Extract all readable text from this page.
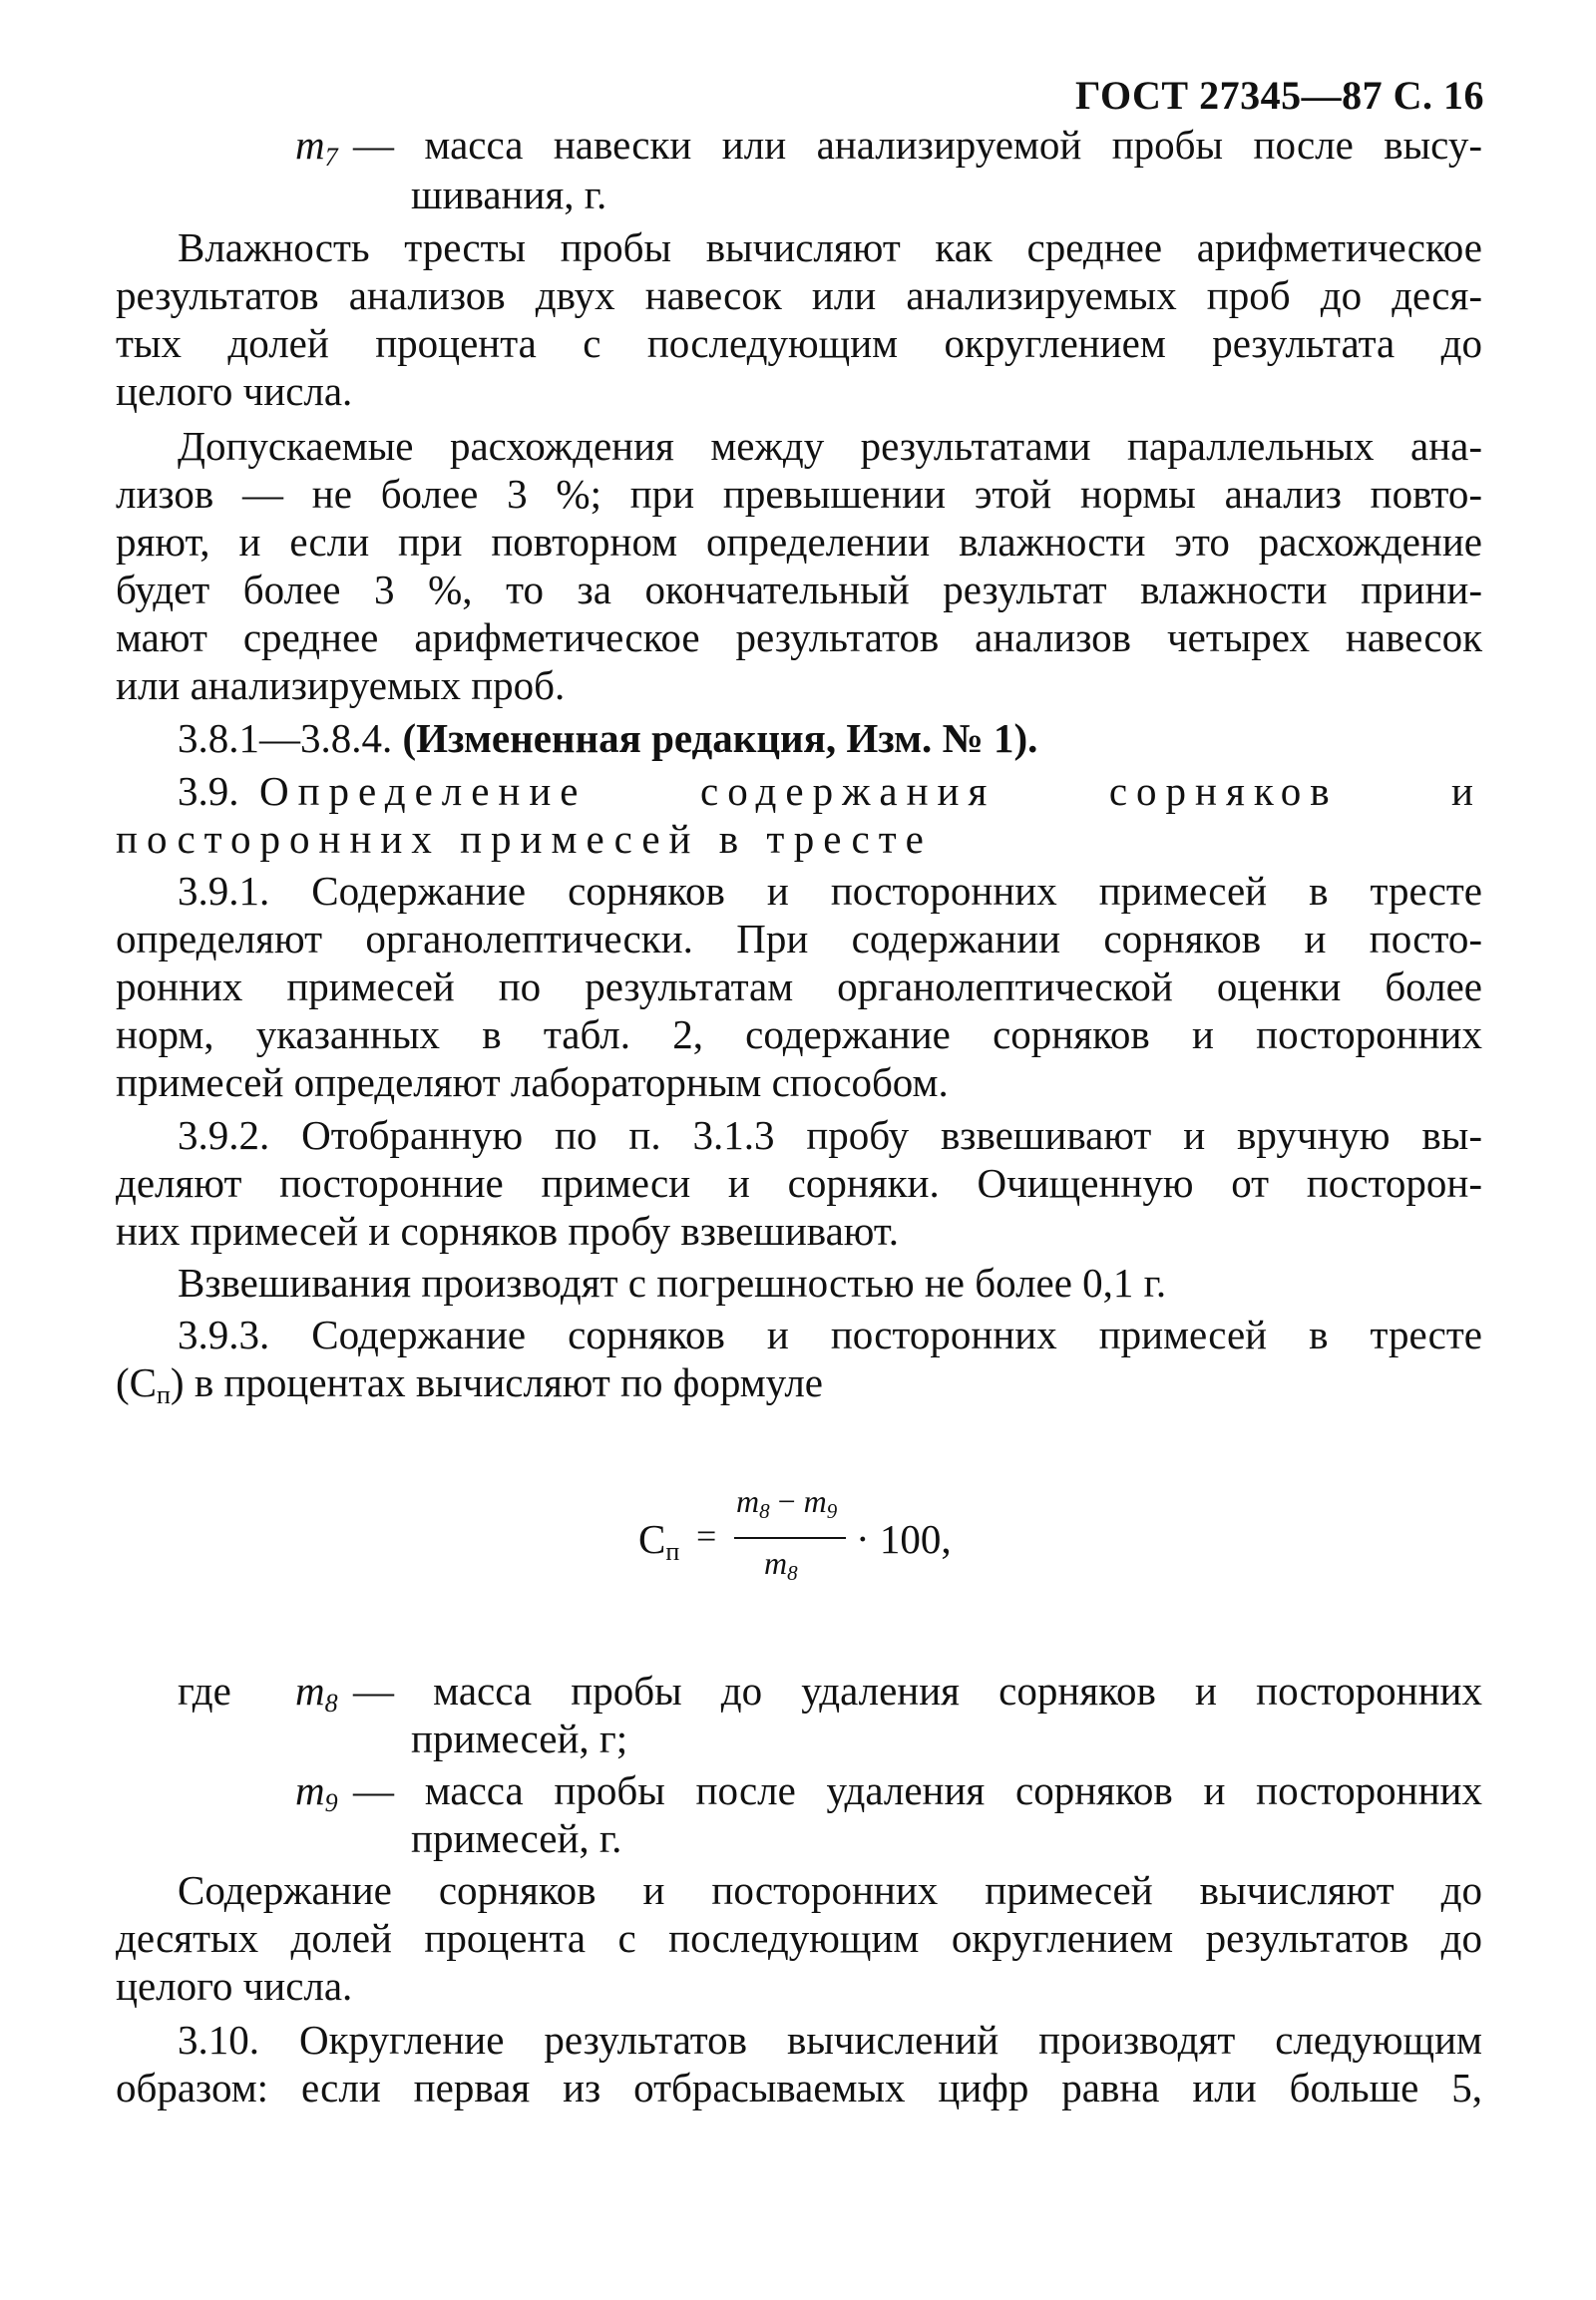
ГОСТ 27345—87 С. 16
$m_7$ — масса навески или анализируемой пробы после высу-
шивания, г.
Влажность тресты пробы вычисляют как среднее арифметическое
результатов анализов двух навесок или анализируемых проб до деся-
тых долей процента с последующим округлением результата до
целого числа.
Допускаемые расхождения между результатами параллельных ана-
лизов — не более 3 %; при превышении этой нормы анализ повто-
ряют, и если при повторном определении влажности это расхождение
будет более 3 %, то за окончательный результат влажности прини-
мают среднее арифметическое результатов анализов четырех навесок
или анализируемых проб.
3.8.1—3.8.4. (Измененная редакция, Изм. № 1).
3.9. Определение содержания сорняков и
посторонних примесей в тресте
3.9.1. Содержание сорняков и посторонних примесей в тресте
определяют органолептически. При содержании сорняков и посто-
ронних примесей по результатам органолептической оценки более
норм, указанных в табл. 2, содержание сорняков и посторонних
примесей определяют лабораторным способом.
3.9.2. Отобранную по п. 3.1.3 пробу взвешивают и вручную вы-
деляют посторонние примеси и сорняки. Очищенную от посторон-
них примесей и сорняков пробу взвешивают.
Взвешивания производят с погрешностью не более 0,1 г.
3.9.3. Содержание сорняков и посторонних примесей в тресте
$(С_п)$ в процентах вычисляют по формуле
$С_п$ =
m8 − m9
m8
· 100,
где $m_8$ — масса пробы до удаления сорняков и посторонних
примесей, г;
$m_9$ — масса пробы после удаления сорняков и посторонних
примесей, г.
Содержание сорняков и посторонних примесей вычисляют до
десятых долей процента с последующим округлением результатов до
целого числа.
3.10. Округление результатов вычислений производят следующим
образом: если первая из отбрасываемых цифр равна или больше 5,
